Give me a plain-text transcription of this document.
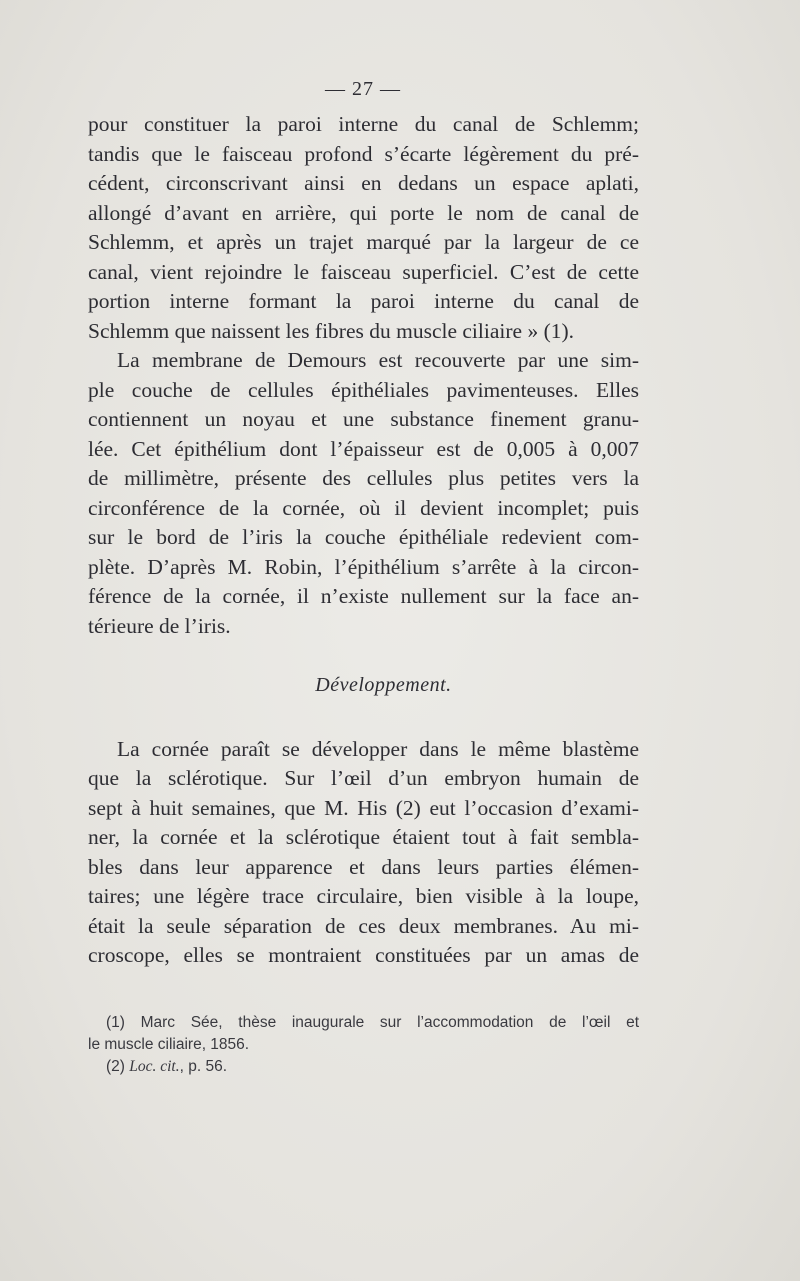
— 27 —

pour constituer la paroi interne du canal de Schlemm;

tandis que le faisceau profond s’écarte légèrement du pré-

cédent, circonscrivant ainsi en dedans un espace aplati,

allongé d’avant en arrière, qui porte le nom de canal de

Schlemm, et après un trajet marqué par la largeur de ce

canal, vient rejoindre le faisceau superficiel. C’est de cette

portion interne formant la paroi interne du canal de

Schlemm que naissent les fibres du muscle ciliaire » (1).

La membrane de Demours est recouverte par une sim-

ple couche de cellules épithéliales pavimenteuses. Elles

contiennent un noyau et une substance finement granu-

lée. Cet épithélium dont l’épaisseur est de 0,005 à 0,007

de millimètre, présente des cellules plus petites vers la

circonférence de la cornée, où il devient incomplet; puis

sur le bord de l’iris la couche épithéliale redevient com-

plète. D’après M. Robin, l’épithélium s’arrête à la circon-

férence de la cornée, il n’existe nullement sur la face an-

térieure de l’iris.

Développement.

La cornée paraît se développer dans le même blastème

que la sclérotique. Sur l’œil d’un embryon humain de

sept à huit semaines, que M. His (2) eut l’occasion d’exami-

ner, la cornée et la sclérotique étaient tout à fait sembla-

bles dans leur apparence et dans leurs parties élémen-

taires; une légère trace circulaire, bien visible à la loupe,

était la seule séparation de ces deux membranes. Au mi-

croscope, elles se montraient constituées par un amas de

(1) Marc Sée, thèse inaugurale sur l’accommodation de l’œil et

le muscle ciliaire, 1856.

(2) Loc. cit., p. 56.
